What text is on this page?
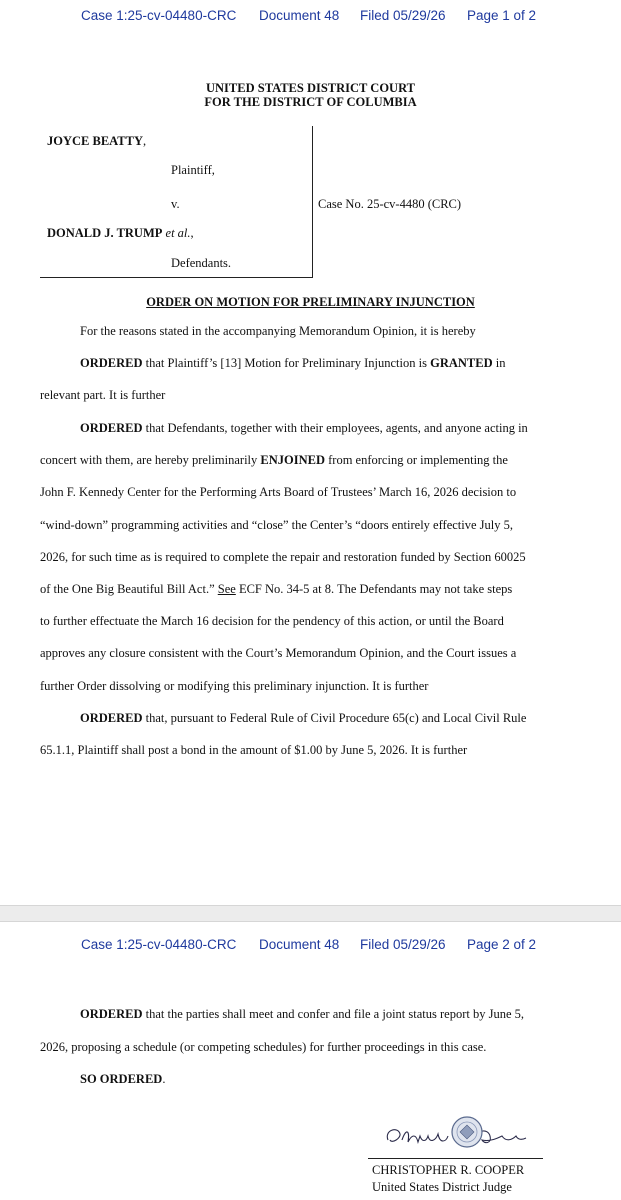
Case 1:25-cv-04480-CRC Document 48 Filed 05/29/26 Page 1 of 2
UNITED STATES DISTRICT COURT
FOR THE DISTRICT OF COLUMBIA
JOYCE BEATTY,
Plaintiff,
v.
DONALD J. TRUMP et al.,
Defendants.
Case No. 25-cv-4480 (CRC)
ORDER ON MOTION FOR PRELIMINARY INJUNCTION
For the reasons stated in the accompanying Memorandum Opinion, it is hereby
ORDERED that Plaintiff’s [13] Motion for Preliminary Injunction is GRANTED in
relevant part. It is further
ORDERED that Defendants, together with their employees, agents, and anyone acting in
concert with them, are hereby preliminarily ENJOINED from enforcing or implementing the
John F. Kennedy Center for the Performing Arts Board of Trustees’ March 16, 2026 decision to
“wind-down” programming activities and “close” the Center’s “doors entirely effective July 5,
2026, for such time as is required to complete the repair and restoration funded by Section 60025
of the One Big Beautiful Bill Act.” See ECF No. 34-5 at 8. The Defendants may not take steps
to further effectuate the March 16 decision for the pendency of this action, or until the Board
approves any closure consistent with the Court’s Memorandum Opinion, and the Court issues a
further Order dissolving or modifying this preliminary injunction. It is further
ORDERED that, pursuant to Federal Rule of Civil Procedure 65(c) and Local Civil Rule
65.1.1, Plaintiff shall post a bond in the amount of $1.00 by June 5, 2026. It is further
Case 1:25-cv-04480-CRC Document 48 Filed 05/29/26 Page 2 of 2
ORDERED that the parties shall meet and confer and file a joint status report by June 5,
2026, proposing a schedule (or competing schedules) for further proceedings in this case.
SO ORDERED.
CHRISTOPHER R. COOPER
United States District Judge
